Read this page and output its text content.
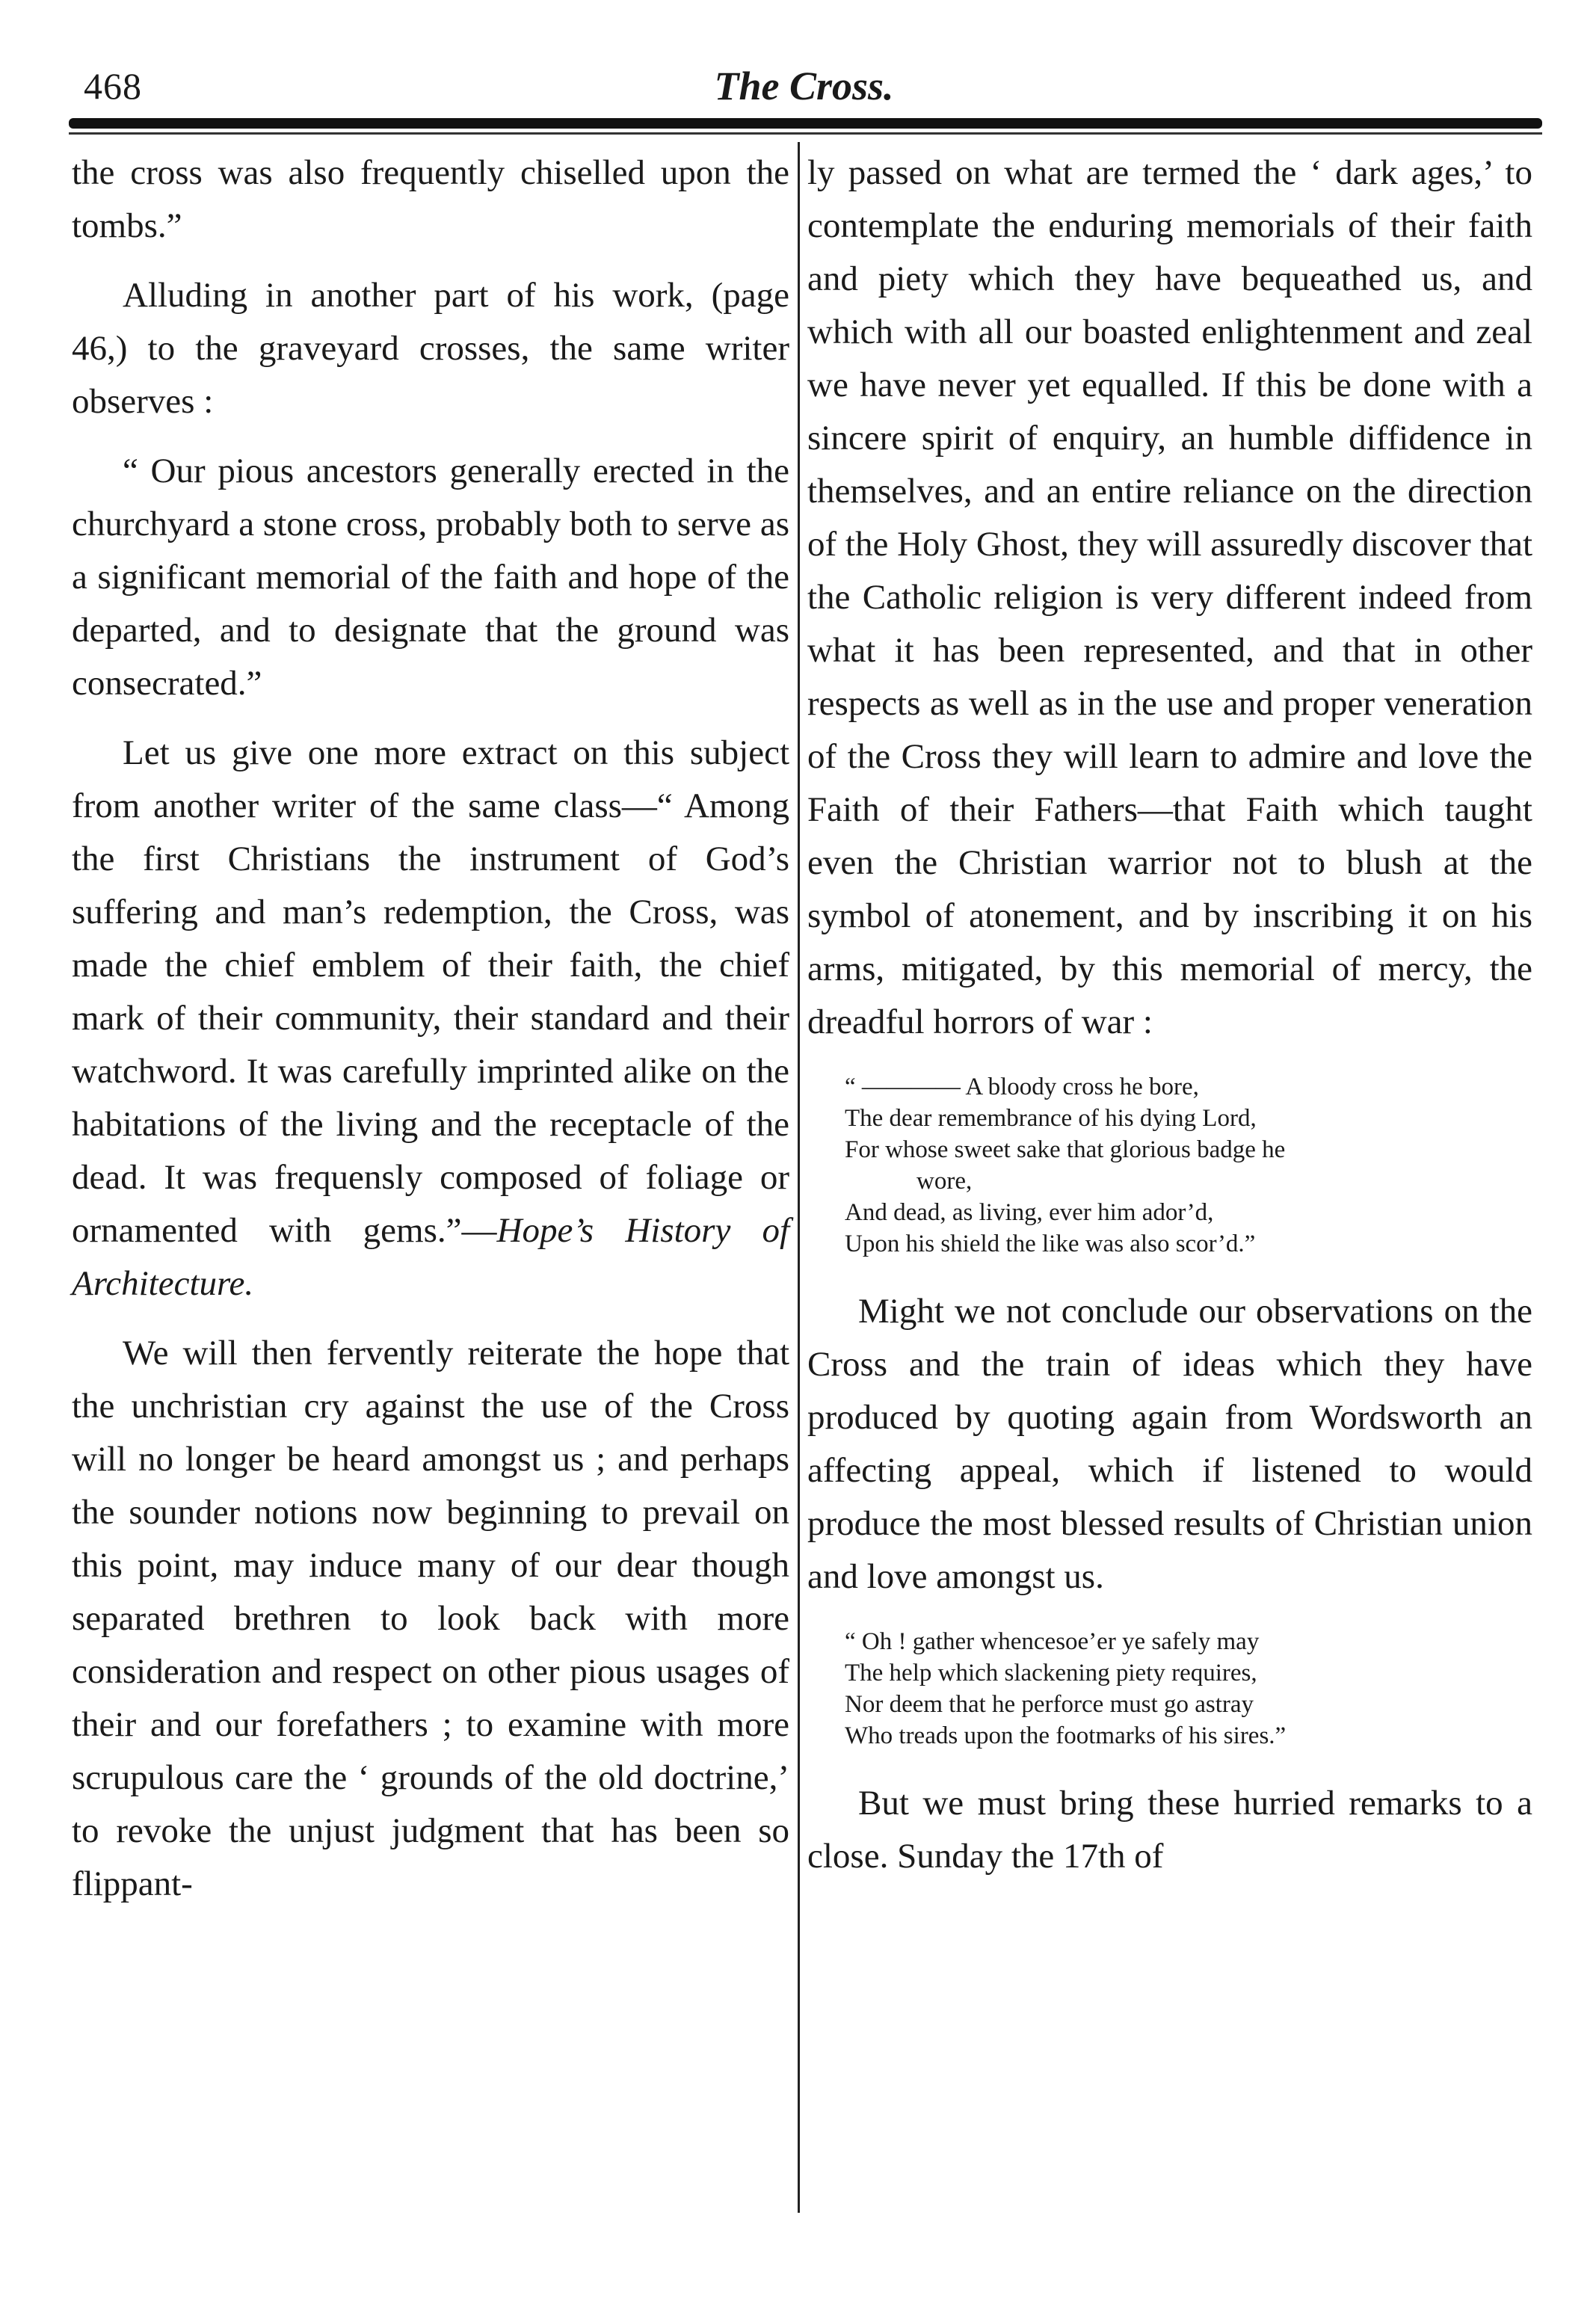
468	The Cross.

the cross was also frequently chiselled upon the tombs.”

Alluding in another part of his work, (page 46,) to the graveyard crosses, the same writer observes :

“ Our pious ancestors generally erected in the churchyard a stone cross, probably both to serve as a significant memorial of the faith and hope of the departed, and to designate that the ground was consecrated.”

Let us give one more extract on this subject from another writer of the same class—“ Among the first Christians the instrument of God’s suffering and man’s redemption, the Cross, was made the chief emblem of their faith, the chief mark of their community, their standard and their watchword. It was carefully imprinted alike on the habitations of the living and the receptacle of the dead. It was frequensly composed of foliage or ornamented with gems.”—Hope’s History of Architecture.

We will then fervently reiterate the hope that the unchristian cry against the use of the Cross will no longer be heard amongst us ; and perhaps the sounder notions now beginning to prevail on this point, may induce many of our dear though separated brethren to look back with more consideration and respect on other pious usages of their and our forefathers ; to examine with more scrupulous care the ‘ grounds of the old doctrine,’ to revoke the unjust judgment that has been so flippant-

ly passed on what are termed the ‘ dark ages,’ to contemplate the enduring memorials of their faith and piety which they have bequeathed us, and which with all our boasted enlightenment and zeal we have never yet equalled. If this be done with a sincere spirit of enquiry, an humble diffidence in themselves, and an entire reliance on the direction of the Holy Ghost, they will assuredly discover that the Catholic religion is very different indeed from what it has been represented, and that in other respects as well as in the use and proper veneration of the Cross they will learn to admire and love the Faith of their Fathers—that Faith which taught even the Christian warrior not to blush at the symbol of atonement, and by inscribing it on his arms, mitigated, by this memorial of mercy, the dreadful horrors of war :

“ ———— A bloody cross he bore,
The dear remembrance of his dying Lord,
For whose sweet sake that glorious badge he
wore,
And dead, as living, ever him ador’d,
Upon his shield the like was also scor’d.”

Might we not conclude our observations on the Cross and the train of ideas which they have produced by quoting again from Wordsworth an affecting appeal, which if listened to would produce the most blessed results of Christian union and love amongst us.

“ Oh ! gather whencesoe’er ye safely may
The help which slackening piety requires,
Nor deem that he perforce must go astray
Who treads upon the footmarks of his sires.”

But we must bring these hurried remarks to a close. Sunday the 17th of
